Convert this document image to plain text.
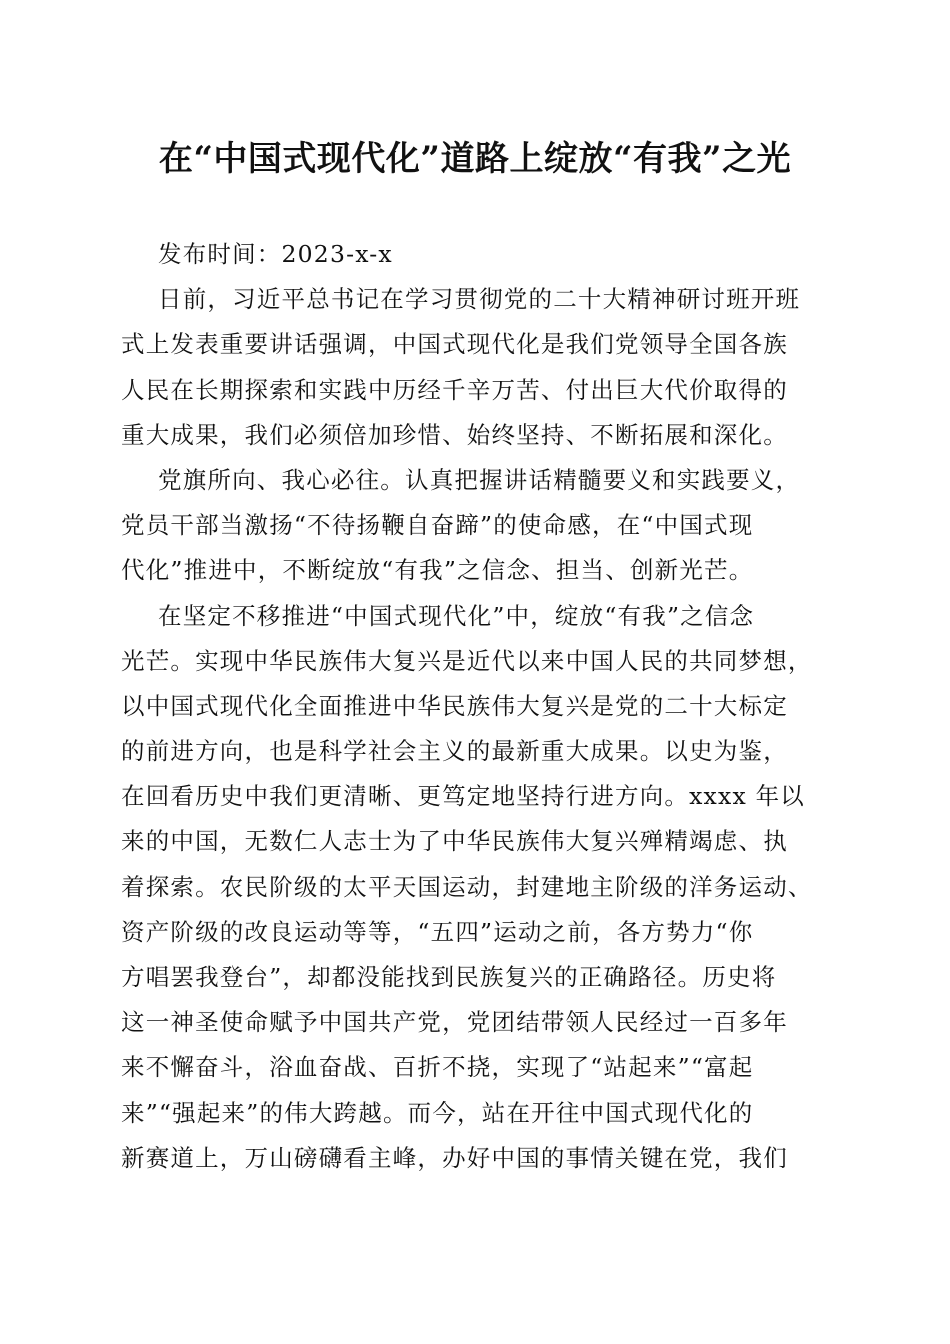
在“中国式现代化”道路上绽放“有我”之光
发布时间：2023-x-x
日前，习近平总书记在学习贯彻党的二十大精神研讨班开班
式上发表重要讲话强调，中国式现代化是我们党领导全国各族
人民在长期探索和实践中历经千辛万苦、付出巨大代价取得的
重大成果，我们必须倍加珍惜、始终坚持、不断拓展和深化。
党旗所向、我心必往。认真把握讲话精髓要义和实践要义，
党员干部当激扬“不待扬鞭自奋蹄”的使命感，在“中国式现
代化”推进中，不断绽放“有我”之信念、担当、创新光芒。
在坚定不移推进“中国式现代化”中，绽放“有我”之信念
光芒。实现中华民族伟大复兴是近代以来中国人民的共同梦想，
以中国式现代化全面推进中华民族伟大复兴是党的二十大标定
的前进方向，也是科学社会主义的最新重大成果。以史为鉴，
在回看历史中我们更清晰、更笃定地坚持行进方向。xxxx 年以
来的中国，无数仁人志士为了中华民族伟大复兴殚精竭虑、执
着探索。农民阶级的太平天国运动，封建地主阶级的洋务运动、
资产阶级的改良运动等等，“五四”运动之前，各方势力“你
方唱罢我登台”，却都没能找到民族复兴的正确路径。历史将
这一神圣使命赋予中国共产党，党团结带领人民经过一百多年
来不懈奋斗，浴血奋战、百折不挠，实现了“站起来”“富起
来”“强起来”的伟大跨越。而今，站在开往中国式现代化的
新赛道上，万山磅礴看主峰，办好中国的事情关键在党，我们
